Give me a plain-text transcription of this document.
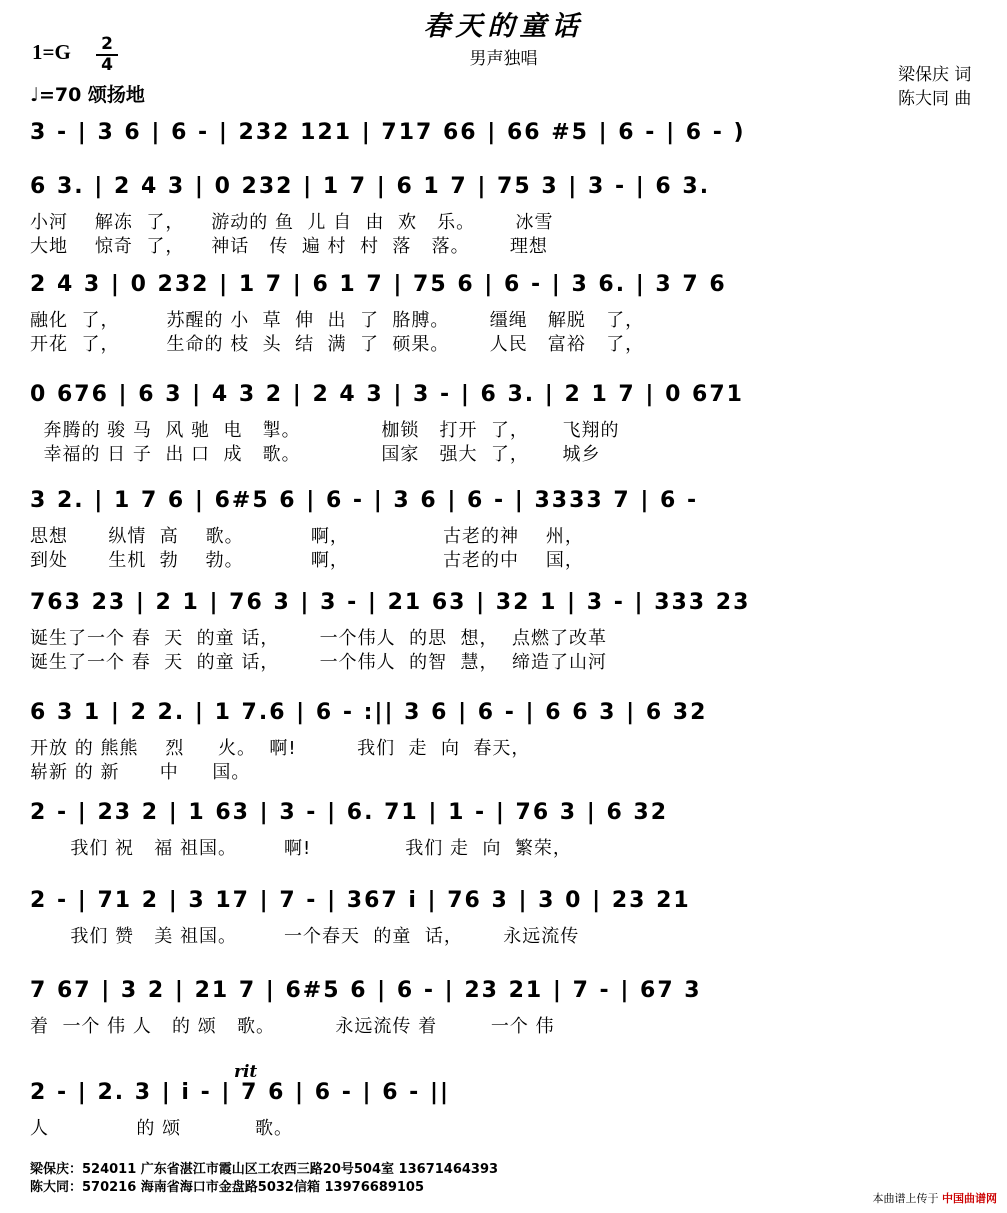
春天的童话
男声独唱
1=G 2
4
♩=70 颂扬地
梁保庆 词
陈大同 曲
rit
3 - | 3 6 | 6 - | 232 121 | 717 66 | 66 #5 | 6 - | 6 - )
6 3. | 2 4 3 | 0 232 | 1 7 | 6 1 7 | 75 3 | 3 - | 6 3.
小河    解冻  了，    游动的 鱼  儿 自  由  欢   乐。      冰雪
大地    惊奇  了，    神话   传  遍 村  村  落   落。      理想
2 4 3 | 0 232 | 1 7 | 6 1 7 | 75 6 | 6 - | 3 6. | 3 7 6
融化  了，       苏醒的 小  草  伸  出  了  胳膊。      缰绳   解脱   了，
开花  了，       生命的 枝  头  结  满  了  硕果。      人民   富裕   了，
0 676 | 6 3 | 4 3 2 | 2 4 3 | 3 - | 6 3. | 2 1 7 | 0 671
奔腾的 骏 马  风 驰  电   掣。            枷锁   打开  了，     飞翔的
幸福的 日 子  出 口  成   歌。            国家   强大  了，     城乡
3 2. | 1 7 6 | 6#5 6 | 6 - | 3 6 | 6 - | 3333 7 | 6 -
思想      纵情  高    歌。          啊，              古老的神    州，
到处      生机  勃    勃。          啊，              古老的中    国，
763 23 | 2 1 | 76 3 | 3 - | 21 63 | 32 1 | 3 - | 333 23
诞生了一个 春  天  的童 话，      一个伟人  的思  想，  点燃了改革
诞生了一个 春  天  的童 话，      一个伟人  的智  慧，  缔造了山河
6 3 1 | 2 2. | 1 7.6 | 6 - :|| 3 6 | 6 - | 6 6 3 | 6 32
开放 的 熊熊    烈     火。  啊!         我们  走  向  春天，
崭新 的 新      中     国。
2 - | 23 2 | 1 63 | 3 - | 6. 71 | 1 - | 76 3 | 6 32
我们 祝   福 祖国。       啊!              我们 走  向  繁荣，
2 - | 71 2 | 3 17 | 7 - | 367 i | 76 3 | 3 0 | 23 21
我们 赞   美 祖国。       一个春天  的童  话，      永远流传
7 67 | 3 2 | 21 7 | 6#5 6 | 6 - | 23 21 | 7 - | 67 3
着  一个 伟 人   的 颂   歌。         永远流传 着        一个 伟
2 - | 2. 3 | i - | 7 6 | 6 - | 6 - ||
人             的 颂           歌。
梁保庆：524011 广东省湛江市霞山区工农西三路20号504室 13671464393
陈大同：570216 海南省海口市金盘路5032信箱 13976689105
本曲谱上传于 中国曲谱网
